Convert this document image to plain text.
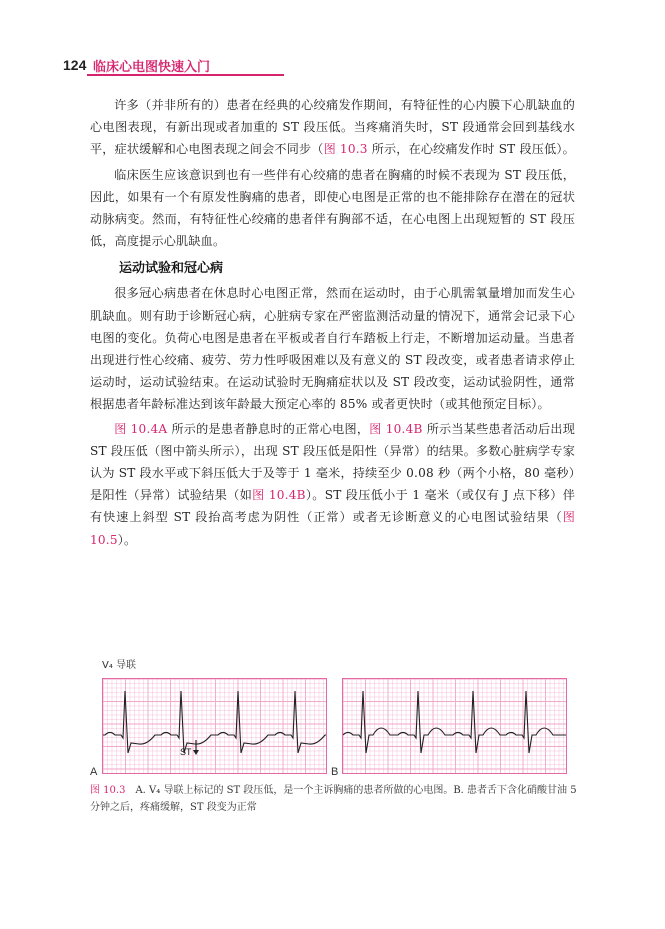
124 临床心电图快速入门

许多（并非所有的）患者在经典的心绞痛发作期间，有特征性的心内膜下心肌缺血的心电图表现，有新出现或者加重的 ST 段压低。当疼痛消失时，ST 段通常会回到基线水平，症状缓解和心电图表现之间会不同步（图 10.3 所示，在心绞痛发作时 ST 段压低）。

临床医生应该意识到也有一些伴有心绞痛的患者在胸痛的时候不表现为 ST 段压低，因此，如果有一个有原发性胸痛的患者，即使心电图是正常的也不能排除存在潜在的冠状动脉病变。然而，有特征性心绞痛的患者伴有胸部不适，在心电图上出现短暂的 ST 段压低，高度提示心肌缺血。

运动试验和冠心病

很多冠心病患者在休息时心电图正常，然而在运动时，由于心肌需氧量增加而发生心肌缺血。则有助于诊断冠心病，心脏病专家在严密监测活动量的情况下，通常会记录下心电图的变化。负荷心电图是患者在平板或者自行车踏板上行走，不断增加运动量。当患者出现进行性心绞痛、疲劳、劳力性呼吸困难以及有意义的 ST 段改变，或者患者请求停止运动时，运动试验结束。在运动试验时无胸痛症状以及 ST 段改变，运动试验阴性，通常根据患者年龄标准达到该年龄最大预定心率的 85% 或者更快时（或其他预定目标）。

图 10.4A 所示的是患者静息时的正常心电图，图 10.4B 所示当某些患者活动后出现 ST 段压低（图中箭头所示），出现 ST 段压低是阳性（异常）的结果。多数心脏病学专家认为 ST 段水平或下斜压低大于及等于 1 毫米，持续至少 0.08 秒（两个小格，80 毫秒）是阳性（异常）试验结果（如图 10.4B）。ST 段压低小于 1 毫米（或仅有 J 点下移）伴有快速上斜型 ST 段抬高考虑为阴性（正常）或者无诊断意义的心电图试验结果（图 10.5）。

V₄ 导联
ST
A	B
图 10.3 A. V₄ 导联上标记的 ST 段压低，是一个主诉胸痛的患者所做的心电图。B. 患者舌下含化硝酸甘油 5 分钟之后，疼痛缓解，ST 段变为正常
